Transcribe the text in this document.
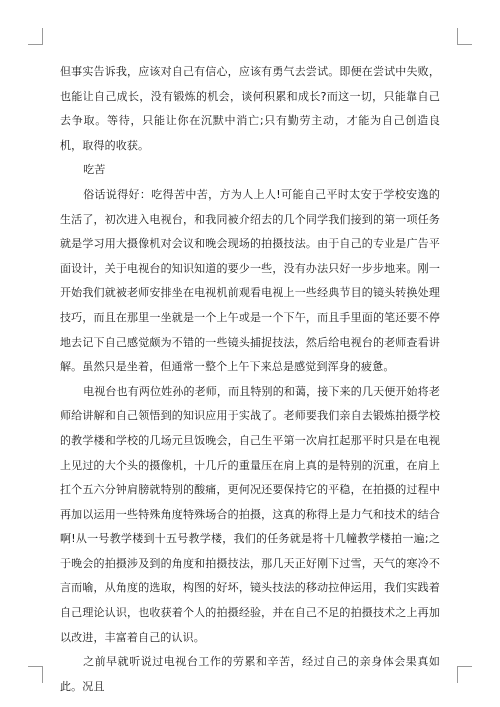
但事实告诉我，应该对自己有信心，应该有勇气去尝试。即便在尝试中失败，也能让自己成长，没有锻炼的机会，谈何积累和成长?而这一切，只能靠自己去争取。等待，只能让你在沉默中消亡;只有勤劳主动，才能为自己创造良机，取得的收获。

吃苦

俗话说得好：吃得苦中苦，方为人上人!可能自己平时太安于学校安逸的生活了，初次进入电视台，和我同被介绍去的几个同学我们接到的第一项任务就是学习用大摄像机对会议和晚会现场的拍摄技法。由于自己的专业是广告平面设计，关于电视台的知识知道的要少一些，没有办法只好一步步地来。刚一开始我们就被老师安排坐在电视机前观看电视上一些经典节目的镜头转换处理技巧，而且在那里一坐就是一个上午或是一个下午，而且手里面的笔还要不停地去记下自己感觉颇为不错的一些镜头捕捉技法，然后给电视台的老师查看讲解。虽然只是坐着，但通常一整个上午下来总是感觉到浑身的疲惫。

电视台也有两位姓孙的老师，而且特别的和蔼，接下来的几天便开始将老师给讲解和自己领悟到的知识应用于实战了。老师要我们亲自去锻炼拍摄学校的教学楼和学校的几场元旦饭晚会，自己生平第一次肩扛起那平时只是在电视上见过的大个头的摄像机，十几斤的重量压在肩上真的是特别的沉重，在肩上扛个五六分钟肩膀就特别的酸痛，更何况还要保持它的平稳，在拍摄的过程中再加以运用一些特殊角度特殊场合的拍摄，这真的称得上是力气和技术的结合啊!从一号教学楼到十五号教学楼，我们的任务就是将十几幢教学楼拍一遍;之于晚会的拍摄涉及到的角度和拍摄技法，那几天正好刚下过雪，天气的寒冷不言而喻，从角度的选取，构图的好坏，镜头技法的移动拉伸运用，我们实践着自己理论认识，也收获着个人的拍摄经验，并在自己不足的拍摄技术之上再加以改进，丰富着自己的认识。

之前早就听说过电视台工作的劳累和辛苦，经过自己的亲身体会果真如此。况且
